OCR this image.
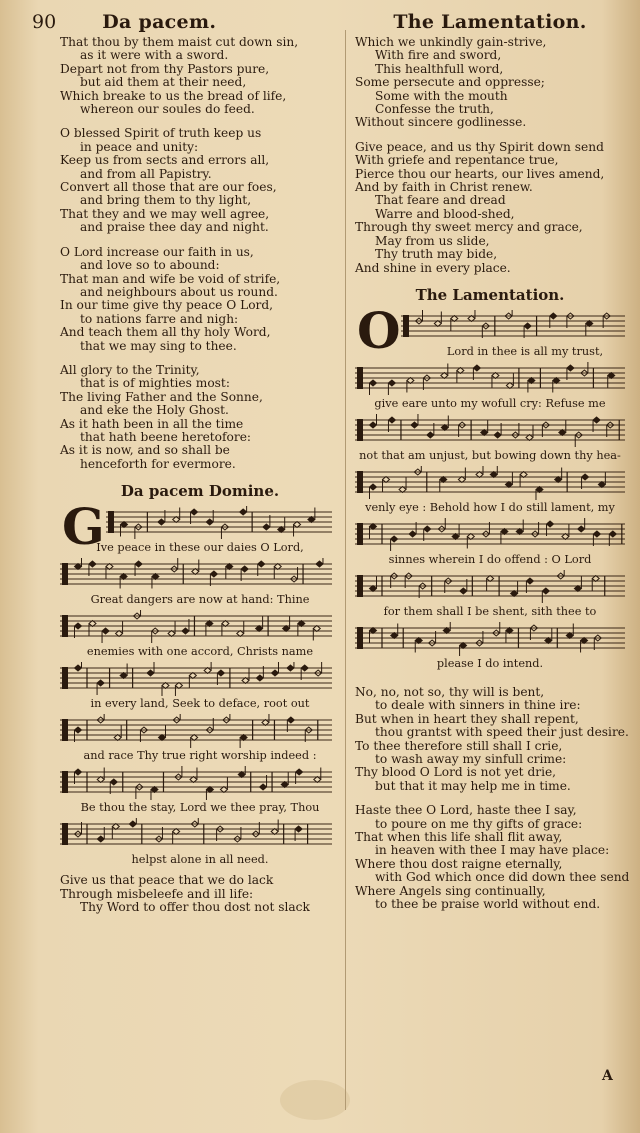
90 Da pacem.
That thou by them maist cut down sin,
as it were with a sword.
Depart not from thy Pastors pure,
but aid them at their need,
Which breake to us the bread of life,
whereon our soules do feed.
O blessed Spirit of truth keep us
in peace and unity:
Keep us from sects and errors all,
and from all Papistry.
Convert all those that are our foes,
and bring them to thy light,
That they and we may well agree,
and praise thee day and night.
O Lord increase our faith in us,
and love so to abound:
That man and wife be void of strife,
and neighbours about us round.
In our time give thy peace O Lord,
to nations farre and nigh:
And teach them all thy holy Word,
that we may sing to thee.
All glory to the Trinity,
that is of mighties most:
The living Father and the Sonne,
and eke the Holy Ghost.
As it hath been in all the time
that hath beene heretofore:
As it is now, and so shall be
henceforth for evermore.
Da pacem Domine.
G
Ive peace in these our daies O Lord,
Great dangers are now at hand: Thine
enemies with one accord, Christs name
in every land, Seek to deface, root out
and race Thy true right worship indeed :
Be thou the stay, Lord we thee pray, Thou
helpst alone in all need.
Give us that peace that we do lack
Through misbeleefe and ill life:
Thy Word to offer thou dost not slack
The Lamentation.
Which we unkindly gain-strive,
With fire and sword,
This healthfull word,
Some persecute and oppresse;
Some with the mouth
Confesse the truth,
Without sincere godlinesse.
Give peace, and us thy Spirit down send
With griefe and repentance true,
Pierce thou our hearts, our lives amend,
And by faith in Christ renew.
That feare and dread
Warre and blood-shed,
Through thy sweet mercy and grace,
May from us slide,
Thy truth may bide,
And shine in every place.
The Lamentation.
O	Lord in thee is all my trust,
give eare unto my wofull cry: Refuse me
not that am unjust, but bowing down thy hea-
venly eye : Behold how I do still lament, my
sinnes wherein I do offend : O Lord
for them shall I be shent, sith thee to
please I do intend.
No, no, not so, thy will is bent,
to deale with sinners in thine ire:
But when in heart they shall repent,
thou grantst with speed their just desire.
To thee therefore still shall I crie,
to wash away my sinfull crime:
Thy blood O Lord is not yet drie,
but that it may help me in time.
Haste thee O Lord, haste thee I say,
to poure on me thy gifts of grace:
That when this life shall flit away,
in heaven with thee I may have place:
Where thou dost raigne eternally,
with God which once did down thee send
Where Angels sing continually,
to thee be praise world without end.
A
